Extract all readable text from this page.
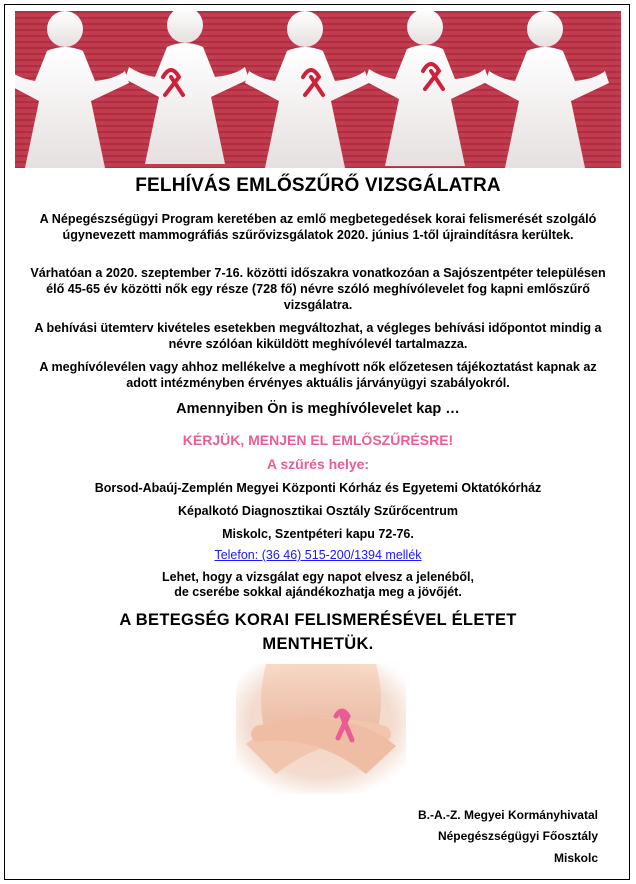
FELHÍVÁS EMLŐSZŰRŐ VIZSGÁLATRA
A Népegészségügyi Program keretében az emlő megbetegedések korai felismerését szolgáló úgynevezett mammográfiás szűrővizsgálatok 2020. június 1-től újraindításra kerültek.
Várhatóan a 2020. szeptember 7-16. közötti időszakra vonatkozóan a Sajószentpéter településen élő 45-65 év közötti nők egy része (728 fő) névre szóló meghívólevelet fog kapni emlőszűrő vizsgálatra.
A behívási ütemterv kivételes esetekben megváltozhat, a végleges behívási időpontot mindig a névre szólóan kiküldött meghívólevél tartalmazza.
A meghívólevélen vagy ahhoz mellékelve a meghívott nők előzetesen tájékoztatást kapnak az adott intézményben érvényes aktuális járványügyi szabályokról.
Amennyiben Ön is meghívólevelet kap …
KÉRJÜK, MENJEN EL EMLŐSZŰRÉSRE!
A szűrés helye:
Borsod-Abaúj-Zemplén Megyei Központi Kórház és Egyetemi Oktatókórház
Képalkotó Diagnosztikai Osztály Szűrőcentrum
Miskolc, Szentpéteri kapu 72-76.
Telefon: (36 46) 515-200/1394 mellék
Lehet, hogy a vizsgálat egy napot elvesz a jelenéből,
de cserébe sokkal ajándékozhatja meg a jövőjét.
A BETEGSÉG KORAI FELISMERÉSÉVEL ÉLETET
MENTHETÜK.
B.-A.-Z. Megyei Kormányhivatal
Népegészségügyi Főosztály
Miskolc
